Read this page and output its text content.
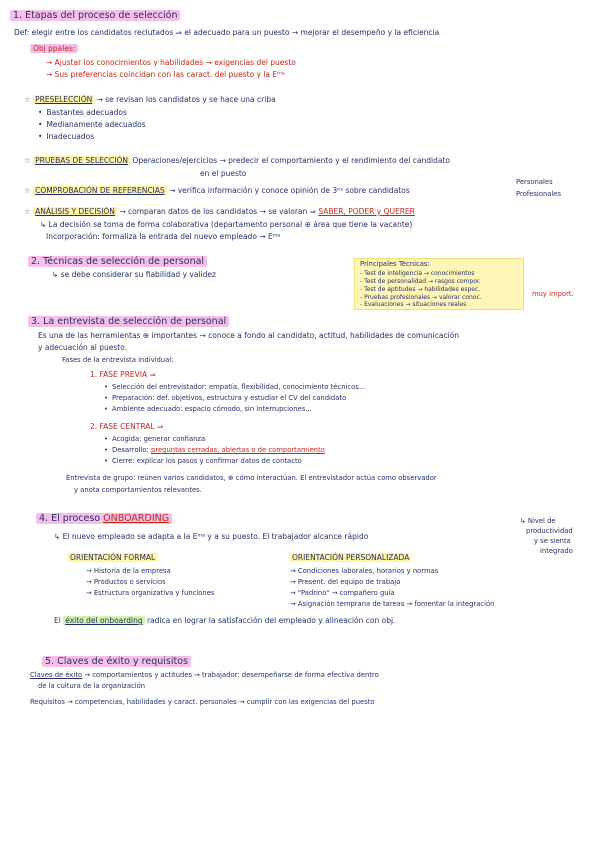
1. Etapas del proceso de selección
Def: elegir entre los candidatos reclutados ⇒ el adecuado para un puesto → mejorar el desempeño y la eficiencia
Obj ppales:
→ Ajustar los conocimientos y habilidades → exigencias del puesto
→ Sus preferencias coincidan con las caract. del puesto y la Eᵐᵃ
☆ PRESELECCIÓN → se revisan los candidatos y se hace una criba
• Bastantes adecuados
• Medianamente adecuados
• Inadecuados
☆ PRUEBAS DE SELECCIÓN Operaciones/ejercicios → predecir el comportamiento y el rendimiento del candidato
en el puesto
☆ COMPROBACIÓN DE REFERENCIAS → verifica información y conoce opinión de 3ᵒˢ sobre candidatos
Personales
Profesionales
☆ ANÁLISIS Y DECISIÓN → comparan datos de los candidatos → se valoran ⇒ SABER, PODER y QUERER
↳ La decisión se toma de forma colaborativa (departamento personal ⊕ área que tiene la vacante)
Incorporación: formaliza la entrada del nuevo empleado → Eᵐᵃ
2. Técnicas de selección de personal
↳ se debe considerar su fiabilidad y validez
Principales Técnicas:
- Test de inteligencia → conocimientos
- Test de personalidad → rasgos compor.
- Test de aptitudes → habilidades espec.
- Pruebas profesionales → valorar conoc.
- Evaluaciones → situaciones reales
muy import.
3. La entrevista de selección de personal
Es una de las herramientas ⊕ importantes → conoce a fondo al candidato, actitud, habilidades de comunicación
y adecuación al puesto.
Fases de la entrevista individual:
1. FASE PREVIA ⇒
• Selección del entrevistador: empatía, flexibilidad, conocimiento técnicos...
• Preparación: def. objetivos, estructura y estudiar el CV del candidato
• Ambiente adecuado: espacio cómodo, sin interrupciones...
2. FASE CENTRAL ⇒
• Acogida: generar confianza
• Desarrollo: preguntas cerradas, abiertas o de comportamiento
• Cierre: explicar los pasos y confirmar datos de contacto
Entrevista de grupo: reúnen varios candidatos, ⊕ cómo interactúan. El entrevistador actúa como observador
y anota comportamientos relevantes.
4. El proceso ONBOARDING
↳ El nuevo empleado se adapta a la Eᵐᵃ y a su puesto. El trabajador alcance rápido
↳ Nivel de
productividad
y se sienta
integrado
ORIENTACIÓN FORMAL
→ Historia de la empresa
→ Productos o servicios
→ Estructura organizativa y funciones
ORIENTACIÓN PERSONALIZADA
→ Condiciones laborales, horarios y normas
→ Present. del equipo de trabajo
→ "Padrino" → compañero guía
→ Asignación temprana de tareas → fomentar la integración
El éxito del onboarding radica en lograr la satisfacción del empleado y alineación con obj.
5. Claves de éxito y requisitos
Claves de éxito → comportamientos y actitudes → trabajador: desempeñarse de forma efectiva dentro
de la cultura de la organización
Requisitos → competencias, habilidades y caract. personales → cumplir con las exigencias del puesto
